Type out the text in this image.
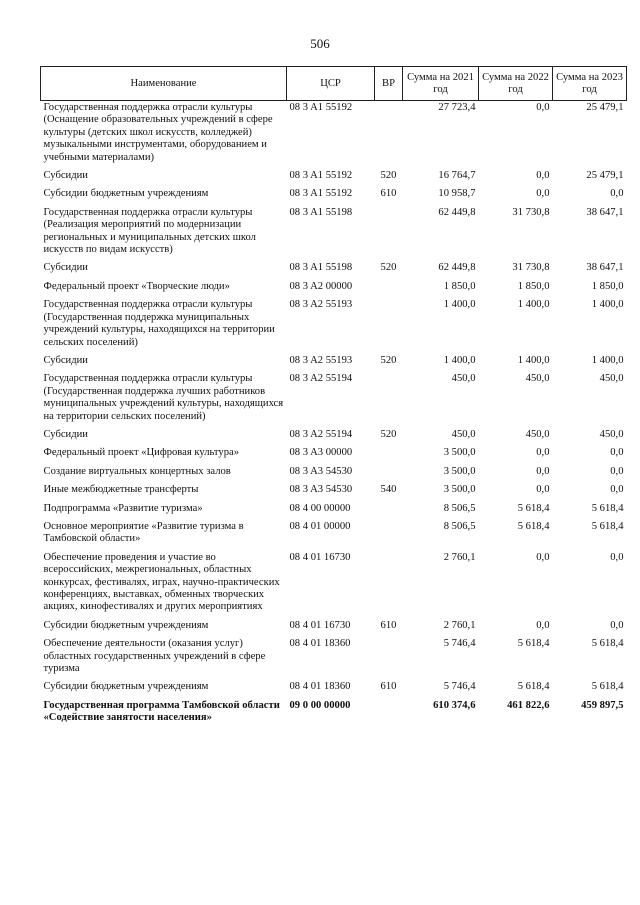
506
Наименование	ЦСР	ВР	Сумма на 2021 год	Сумма на 2022 год	Сумма на 2023 год
Государственная поддержка отрасли культуры (Оснащение образовательных учреждений в сфере культуры (детских школ искусств, колледжей) музыкальными инструментами, оборудованием и учебными материалами)	08 3 A1 55192		27 723,4	0,0	25 479,1
Субсидии	08 3 A1 55192	520	16 764,7	0,0	25 479,1
Субсидии бюджетным учреждениям	08 3 A1 55192	610	10 958,7	0,0	0,0
Государственная поддержка отрасли культуры (Реализация мероприятий по модернизации региональных и муниципальных детских школ искусств по видам искусств)	08 3 A1 55198		62 449,8	31 730,8	38 647,1
Субсидии	08 3 A1 55198	520	62 449,8	31 730,8	38 647,1
Федеральный проект «Творческие люди»	08 3 A2 00000		1 850,0	1 850,0	1 850,0
Государственная поддержка отрасли культуры (Государственная поддержка муниципальных учреждений культуры, находящихся на территории сельских поселений)	08 3 A2 55193		1 400,0	1 400,0	1 400,0
Субсидии	08 3 A2 55193	520	1 400,0	1 400,0	1 400,0
Государственная поддержка отрасли культуры (Государственная поддержка лучших работников муниципальных учреждений культуры, находящихся на территории сельских поселений)	08 3 A2 55194		450,0	450,0	450,0
Субсидии	08 3 A2 55194	520	450,0	450,0	450,0
Федеральный проект «Цифровая культура»	08 3 A3 00000		3 500,0	0,0	0,0
Создание виртуальных концертных залов	08 3 A3 54530		3 500,0	0,0	0,0
Иные межбюджетные трансферты	08 3 A3 54530	540	3 500,0	0,0	0,0
Подпрограмма «Развитие туризма»	08 4 00 00000		8 506,5	5 618,4	5 618,4
Основное мероприятие «Развитие туризма в Тамбовской области»	08 4 01 00000		8 506,5	5 618,4	5 618,4
Обеспечение проведения и участие во всероссийских, межрегиональных, областных конкурсах, фестивалях, играх, научно-практических конференциях, выставках, обменных творческих акциях, кинофестивалях и других мероприятиях	08 4 01 16730		2 760,1	0,0	0,0
Субсидии бюджетным учреждениям	08 4 01 16730	610	2 760,1	0,0	0,0
Обеспечение деятельности (оказания услуг) областных государственных учреждений в сфере туризма	08 4 01 18360		5 746,4	5 618,4	5 618,4
Субсидии бюджетным учреждениям	08 4 01 18360	610	5 746,4	5 618,4	5 618,4
Государственная программа Тамбовской области «Содействие занятости населения»	09 0 00 00000		610 374,6	461 822,6	459 897,5
